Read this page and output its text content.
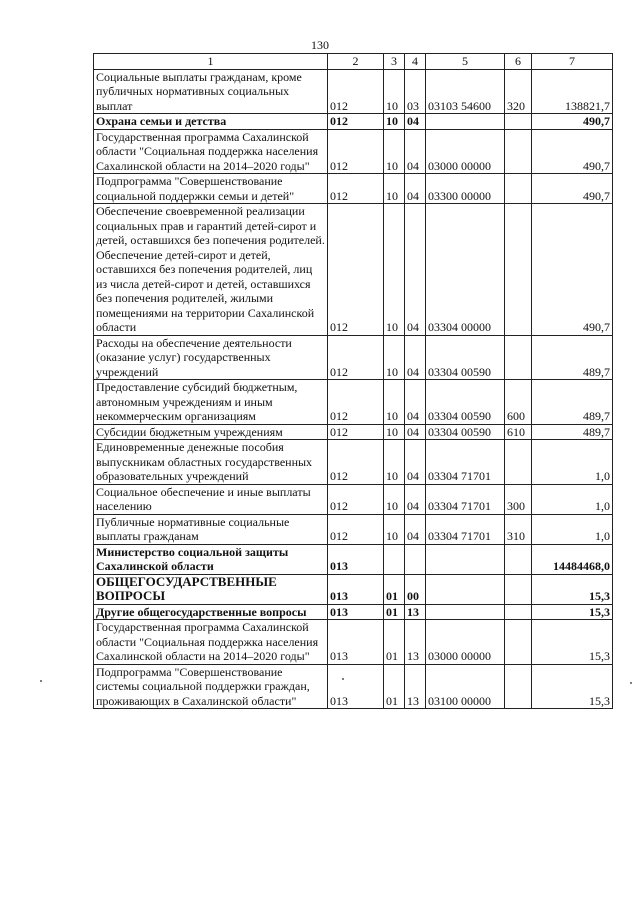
130
1	2	3	4	5	6	7
Социальные выплаты гражданам, кроме публичных нормативных социальных выплат	012	10	03	03103 54600	320	138821,7
Охрана семьи и детства	012	10	04			490,7
Государственная программа Сахалинской области "Социальная поддержка населения Сахалинской области на 2014–2020 годы"	012	10	04	03000 00000		490,7
Подпрограмма "Совершенствование социальной поддержки семьи и детей"	012	10	04	03300 00000		490,7
Обеспечение своевременной реализации социальных прав и гарантий детей-сирот и детей, оставшихся без попечения родителей. Обеспечение детей-сирот и детей, оставшихся без попечения родителей, лиц из числа детей-сирот и детей, оставшихся без попечения родителей, жилыми помещениями на территории Сахалинской области	012	10	04	03304 00000		490,7
Расходы на обеспечение деятельности (оказание услуг) государственных учреждений	012	10	04	03304 00590		489,7
Предоставление субсидий бюджетным, автономным учреждениям и иным некоммерческим организациям	012	10	04	03304 00590	600	489,7
Субсидии бюджетным учреждениям	012	10	04	03304 00590	610	489,7
Единовременные денежные пособия выпускникам областных государственных образовательных учреждений	012	10	04	03304 71701		1,0
Социальное обеспечение и иные выплаты населению	012	10	04	03304 71701	300	1,0
Публичные нормативные социальные выплаты гражданам	012	10	04	03304 71701	310	1,0
Министерство социальной защиты Сахалинской области	013					14484468,0
ОБЩЕГОСУДАРСТВЕННЫЕ ВОПРОСЫ	013	01	00			15,3
Другие общегосударственные вопросы	013	01	13			15,3
Государственная программа Сахалинской области "Социальная поддержка населения Сахалинской области на 2014–2020 годы"	013	01	13	03000 00000		15,3
Подпрограмма "Совершенствование системы социальной поддержки граждан, проживающих в Сахалинской области"	013	01	13	03100 00000		15,3
